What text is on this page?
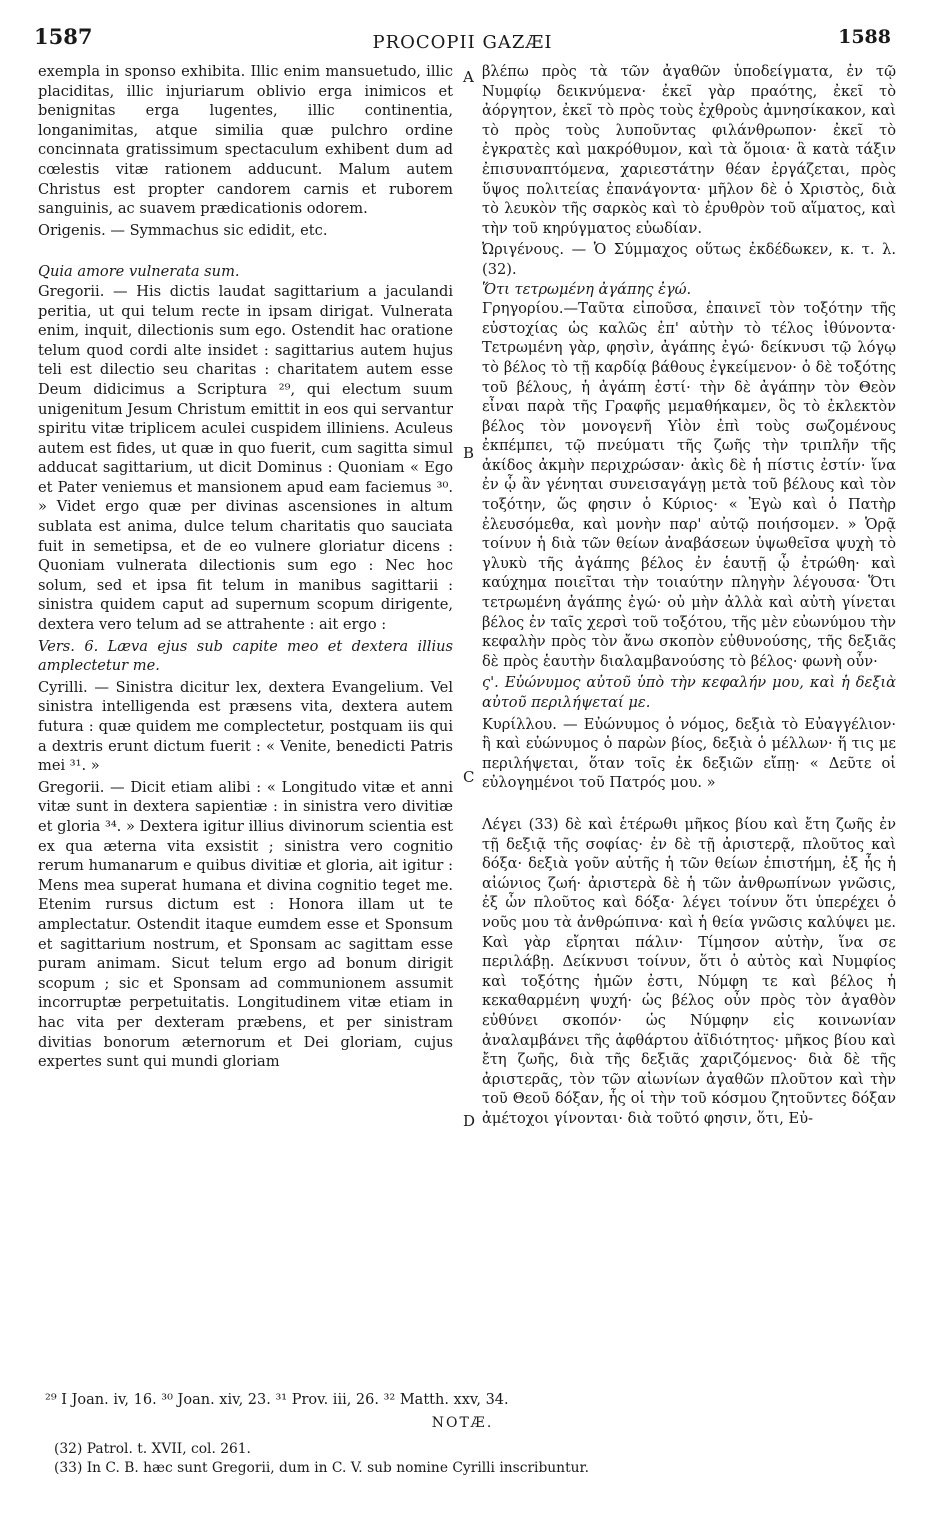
1587	PROCOPII GAZÆI	1588

exempla in sponso exhibita. Illic enim mansuetudo, illic placiditas, illic injuriarum oblivio erga inimicos et benignitas erga lugentes, illic continentia, longanimitas, atque similia quæ pulchro ordine concinnata gratissimum spectaculum exhibent dum ad cœlestis vitæ rationem adducunt. Malum autem Christus est propter candorem carnis et ruborem sanguinis, ac suavem prædicationis odorem.

Origenis. — Symmachus sic edidit, etc.

Quia amore vulnerata sum.

Gregorii. — His dictis laudat sagittarium a jaculandi peritia, ut qui telum recte in ipsam dirigat. Vulnerata enim, inquit, dilectionis sum ego. Ostendit hac oratione telum quod cordi alte insidet : sagittarius autem hujus teli est dilectio seu charitas : charitatem autem esse Deum didicimus a Scriptura ²⁹, qui electum suum unigenitum Jesum Christum emittit in eos qui servantur spiritu vitæ triplicem aculei cuspidem illiniens. Aculeus autem est fides, ut quæ in quo fuerit, cum sagitta simul adducat sagittarium, ut dicit Dominus : Quoniam « Ego et Pater veniemus et mansionem apud eam faciemus ³⁰. » Videt ergo quæ per divinas ascensiones in altum sublata est anima, dulce telum charitatis quo sauciata fuit in semetipsa, et de eo vulnere gloriatur dicens : Quoniam vulnerata dilectionis sum ego : Nec hoc solum, sed et ipsa fit telum in manibus sagittarii : sinistra quidem caput ad supernum scopum dirigente, dextera vero telum ad se attrahente : ait ergo :

Vers. 6. Læva ejus sub capite meo et dextera illius amplectetur me.

Cyrilli. — Sinistra dicitur lex, dextera Evangelium. Vel sinistra intelligenda est præsens vita, dextera autem futura : quæ quidem me complectetur, postquam iis qui a dextris erunt dictum fuerit : « Venite, benedicti Patris mei ³¹. »

Gregorii. — Dicit etiam alibi : « Longitudo vitæ et anni vitæ sunt in dextera sapientiæ : in sinistra vero divitiæ et gloria ³⁴. » Dextera igitur illius divinorum scientia est ex qua æterna vita exsistit ; sinistra vero cognitio rerum humanarum e quibus divitiæ et gloria, ait igitur : Mens mea superat humana et divina cognitio teget me. Etenim rursus dictum est : Honora illam ut te amplectatur. Ostendit itaque eumdem esse et Sponsum et sagittarium nostrum, et Sponsam ac sagittam esse puram animam. Sicut telum ergo ad bonum dirigit scopum ; sic et Sponsam ad communionem assumit incorruptæ perpetuitatis. Longitudinem vitæ etiam in hac vita per dexteram præbens, et per sinistram divitias bonorum æternorum et Dei gloriam, cujus expertes sunt qui mundi gloriam

βλέπω πρὸς τὰ τῶν ἀγαθῶν ὑποδείγματα, ἐν τῷ Νυμφίῳ δεικνύμενα· ἐκεῖ γὰρ πραότης, ἐκεῖ τὸ ἀόργητον, ἐκεῖ τὸ πρὸς τοὺς ἐχθροὺς ἀμνησίκακον, καὶ τὸ πρὸς τοὺς λυποῦντας φιλάνθρωπον· ἐκεῖ τὸ ἐγκρατὲς καὶ μακρόθυμον, καὶ τὰ ὅμοια· ἃ κατὰ τάξιν ἐπισυναπτόμενα, χαριεστάτην θέαν ἐργάζεται, πρὸς ὕψος πολιτείας ἐπανάγοντα· μῆλον δὲ ὁ Χριστὸς, διὰ τὸ λευκὸν τῆς σαρκὸς καὶ τὸ ἐρυθρὸν τοῦ αἵματος, καὶ τὴν τοῦ κηρύγματος εὐωδίαν.

Ὠριγένους. — Ὁ Σύμμαχος οὕτως ἐκδέδωκεν, κ. τ. λ. (32).

Ὅτι τετρωμένη ἀγάπης ἐγώ.

Γρηγορίου.—Ταῦτα εἰποῦσα, ἐπαινεῖ τὸν τοξότην τῆς εὐστοχίας ὡς καλῶς ἐπ' αὐτὴν τὸ τέλος ἰθύνοντα· Τετρωμένη γὰρ, φησὶν, ἀγάπης ἐγώ· δείκνυσι τῷ λόγῳ τὸ βέλος τὸ τῇ καρδίᾳ βάθους ἐγκείμενον· ὁ δὲ τοξότης τοῦ βέλους, ἡ ἀγάπη ἐστί· τὴν δὲ ἀγάπην τὸν Θεὸν εἶναι παρὰ τῆς Γραφῆς μεμαθήκαμεν, ὃς τὸ ἐκλεκτὸν βέλος τὸν μονογενῆ Υἱὸν ἐπὶ τοὺς σωζομένους ἐκπέμπει, τῷ πνεύματι τῆς ζωῆς τὴν τριπλῆν τῆς ἀκίδος ἀκμὴν περιχρώσαν· ἀκὶς δὲ ἡ πίστις ἐστίν· ἵνα ἐν ᾧ ἂν γένηται συνεισαγάγῃ μετὰ τοῦ βέλους καὶ τὸν τοξότην, ὥς φησιν ὁ Κύριος· « Ἐγὼ καὶ ὁ Πατὴρ ἐλευσόμεθα, καὶ μονὴν παρ' αὐτῷ ποιήσομεν. » Ὁρᾷ τοίνυν ἡ διὰ τῶν θείων ἀναβάσεων ὑψωθεῖσα ψυχὴ τὸ γλυκὺ τῆς ἀγάπης βέλος ἐν ἑαυτῇ ᾧ ἐτρώθη· καὶ καύχημα ποιεῖται τὴν τοιαύτην πληγὴν λέγουσα· Ὅτι τετρωμένη ἀγάπης ἐγώ· οὐ μὴν ἀλλὰ καὶ αὐτὴ γίνεται βέλος ἐν ταῖς χερσὶ τοῦ τοξότου, τῆς μὲν εὐωνύμου τὴν κεφαλὴν πρὸς τὸν ἄνω σκοπὸν εὐθυνούσης, τῆς δεξιᾶς δὲ πρὸς ἑαυτὴν διαλαμβανούσης τὸ βέλος· φωνὴ οὖν·

ς'. Εὐώνυμος αὐτοῦ ὑπὸ τὴν κεφαλήν μου, καὶ ἡ δεξιὰ αὐτοῦ περιλήψεταί με.

Κυρίλλου. — Εὐώνυμος ὁ νόμος, δεξιὰ τὸ Εὐαγγέλιον· ἢ καὶ εὐώνυμος ὁ παρὼν βίος, δεξιὰ ὁ μέλλων· ἥ τις με περιλήψεται, ὅταν τοῖς ἐκ δεξιῶν εἴπῃ· « Δεῦτε οἱ εὐλογημένοι τοῦ Πατρός μου. »

Λέγει (33) δὲ καὶ ἑτέρωθι μῆκος βίου καὶ ἔτη ζωῆς ἐν τῇ δεξιᾷ τῆς σοφίας· ἐν δὲ τῇ ἀριστερᾷ, πλοῦτος καὶ δόξα· δεξιὰ γοῦν αὐτῆς ἡ τῶν θείων ἐπιστήμη, ἐξ ἧς ἡ αἰώνιος ζωή· ἀριστερὰ δὲ ἡ τῶν ἀνθρωπίνων γνῶσις, ἐξ ὧν πλοῦτος καὶ δόξα· λέγει τοίνυν ὅτι ὑπερέχει ὁ νοῦς μου τὰ ἀνθρώπινα· καὶ ἡ θεία γνῶσις καλύψει με. Καὶ γὰρ εἴρηται πάλιν· Τίμησον αὐτὴν, ἵνα σε περιλάβῃ. Δείκνυσι τοίνυν, ὅτι ὁ αὐτὸς καὶ Νυμφίος καὶ τοξότης ἡμῶν ἐστι, Νύμφη τε καὶ βέλος ἡ κεκαθαρμένη ψυχή· ὡς βέλος οὖν πρὸς τὸν ἀγαθὸν εὐθύνει σκοπόν· ὡς Νύμφην εἰς κοινωνίαν ἀναλαμβάνει τῆς ἀφθάρτου ἀϊδιότητος· μῆκος βίου καὶ ἔτη ζωῆς, διὰ τῆς δεξιᾶς χαριζόμενος· διὰ δὲ τῆς ἀριστερᾶς, τὸν τῶν αἰωνίων ἀγαθῶν πλοῦτον καὶ τὴν τοῦ Θεοῦ δόξαν, ἧς οἱ τὴν τοῦ κόσμου ζητοῦντες δόξαν ἀμέτοχοι γίνονται· διὰ τοῦτό φησιν, ὅτι, Εὐ-

A
B
C
D
²⁹ I Joan. iv, 16. ³⁰ Joan. xiv, 23. ³¹ Prov. iii, 26. ³² Matth. xxv, 34.
NOTÆ.
(32) Patrol. t. XVII, col. 261.
(33) In C. B. hæc sunt Gregorii, dum in C. V. sub nomine Cyrilli inscribuntur.
